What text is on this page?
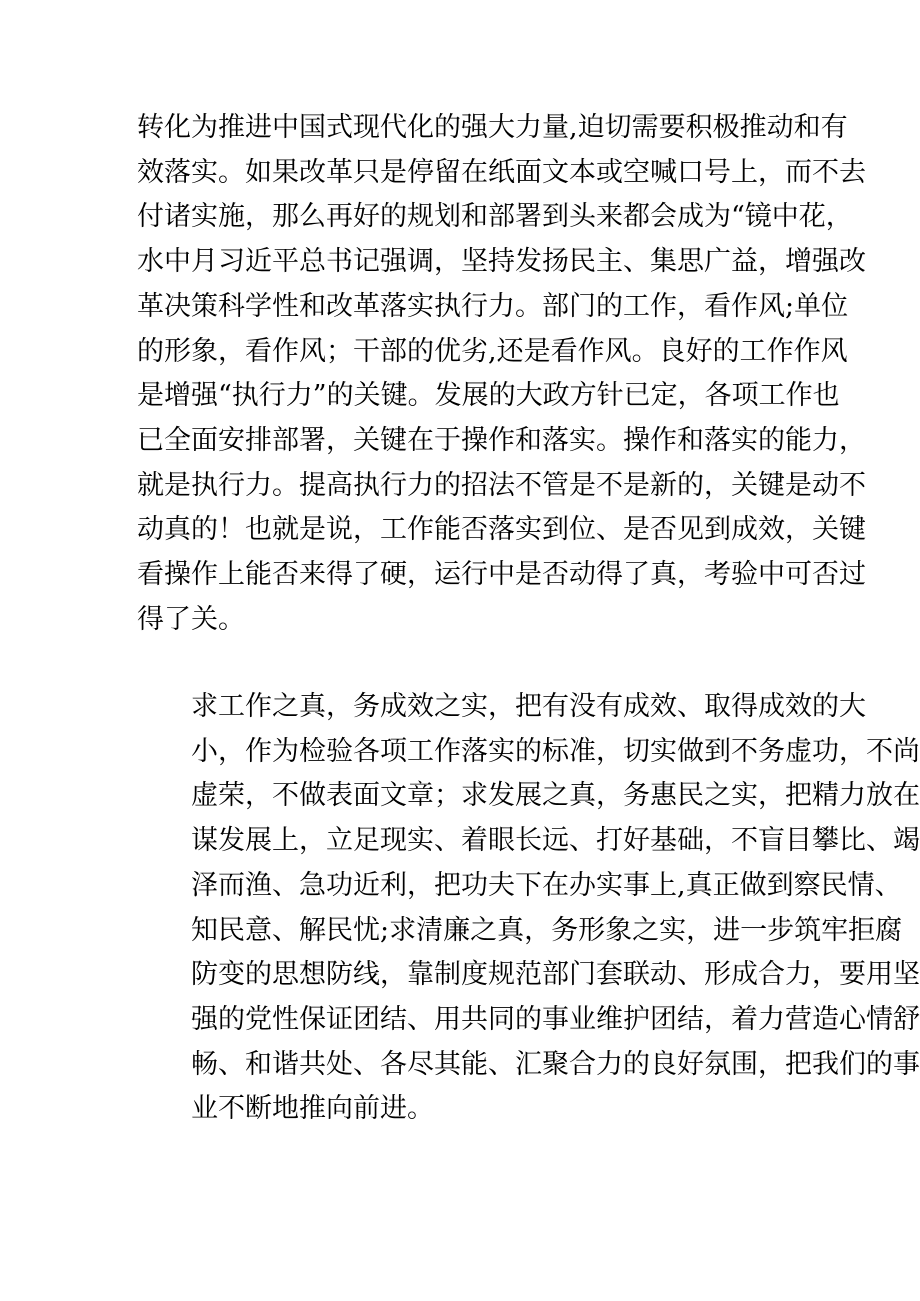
转化为推进中国式现代化的强大力量,迫切需要积极推动和有
效落实。如果改革只是停留在纸面文本或空喊口号上，而不去
付诸实施，那么再好的规划和部署到头来都会成为“镜中花，
水中月习近平总书记强调，坚持发扬民主、集思广益，增强改
革决策科学性和改革落实执行力。部门的工作，看作风;单位
的形象，看作风；干部的优劣,还是看作风。良好的工作作风
是增强“执行力”的关键。发展的大政方针已定，各项工作也
已全面安排部署，关键在于操作和落实。操作和落实的能力，
就是执行力。提高执行力的招法不管是不是新的，关键是动不
动真的！也就是说，工作能否落实到位、是否见到成效，关键
看操作上能否来得了硬，运行中是否动得了真，考验中可否过
得了关。
求工作之真，务成效之实，把有没有成效、取得成效的大
小，作为检验各项工作落实的标准，切实做到不务虚功，不尚
虚荣，不做表面文章；求发展之真，务惠民之实，把精力放在
谋发展上，立足现实、着眼长远、打好基础，不盲目攀比、竭
泽而渔、急功近利，把功夫下在办实事上,真正做到察民情、
知民意、解民忧;求清廉之真，务形象之实，进一步筑牢拒腐
防变的思想防线，靠制度规范部门套联动、形成合力，要用坚
强的党性保证团结、用共同的事业维护团结，着力营造心情舒
畅、和谐共处、各尽其能、汇聚合力的良好氛围，把我们的事
业不断地推向前进。
